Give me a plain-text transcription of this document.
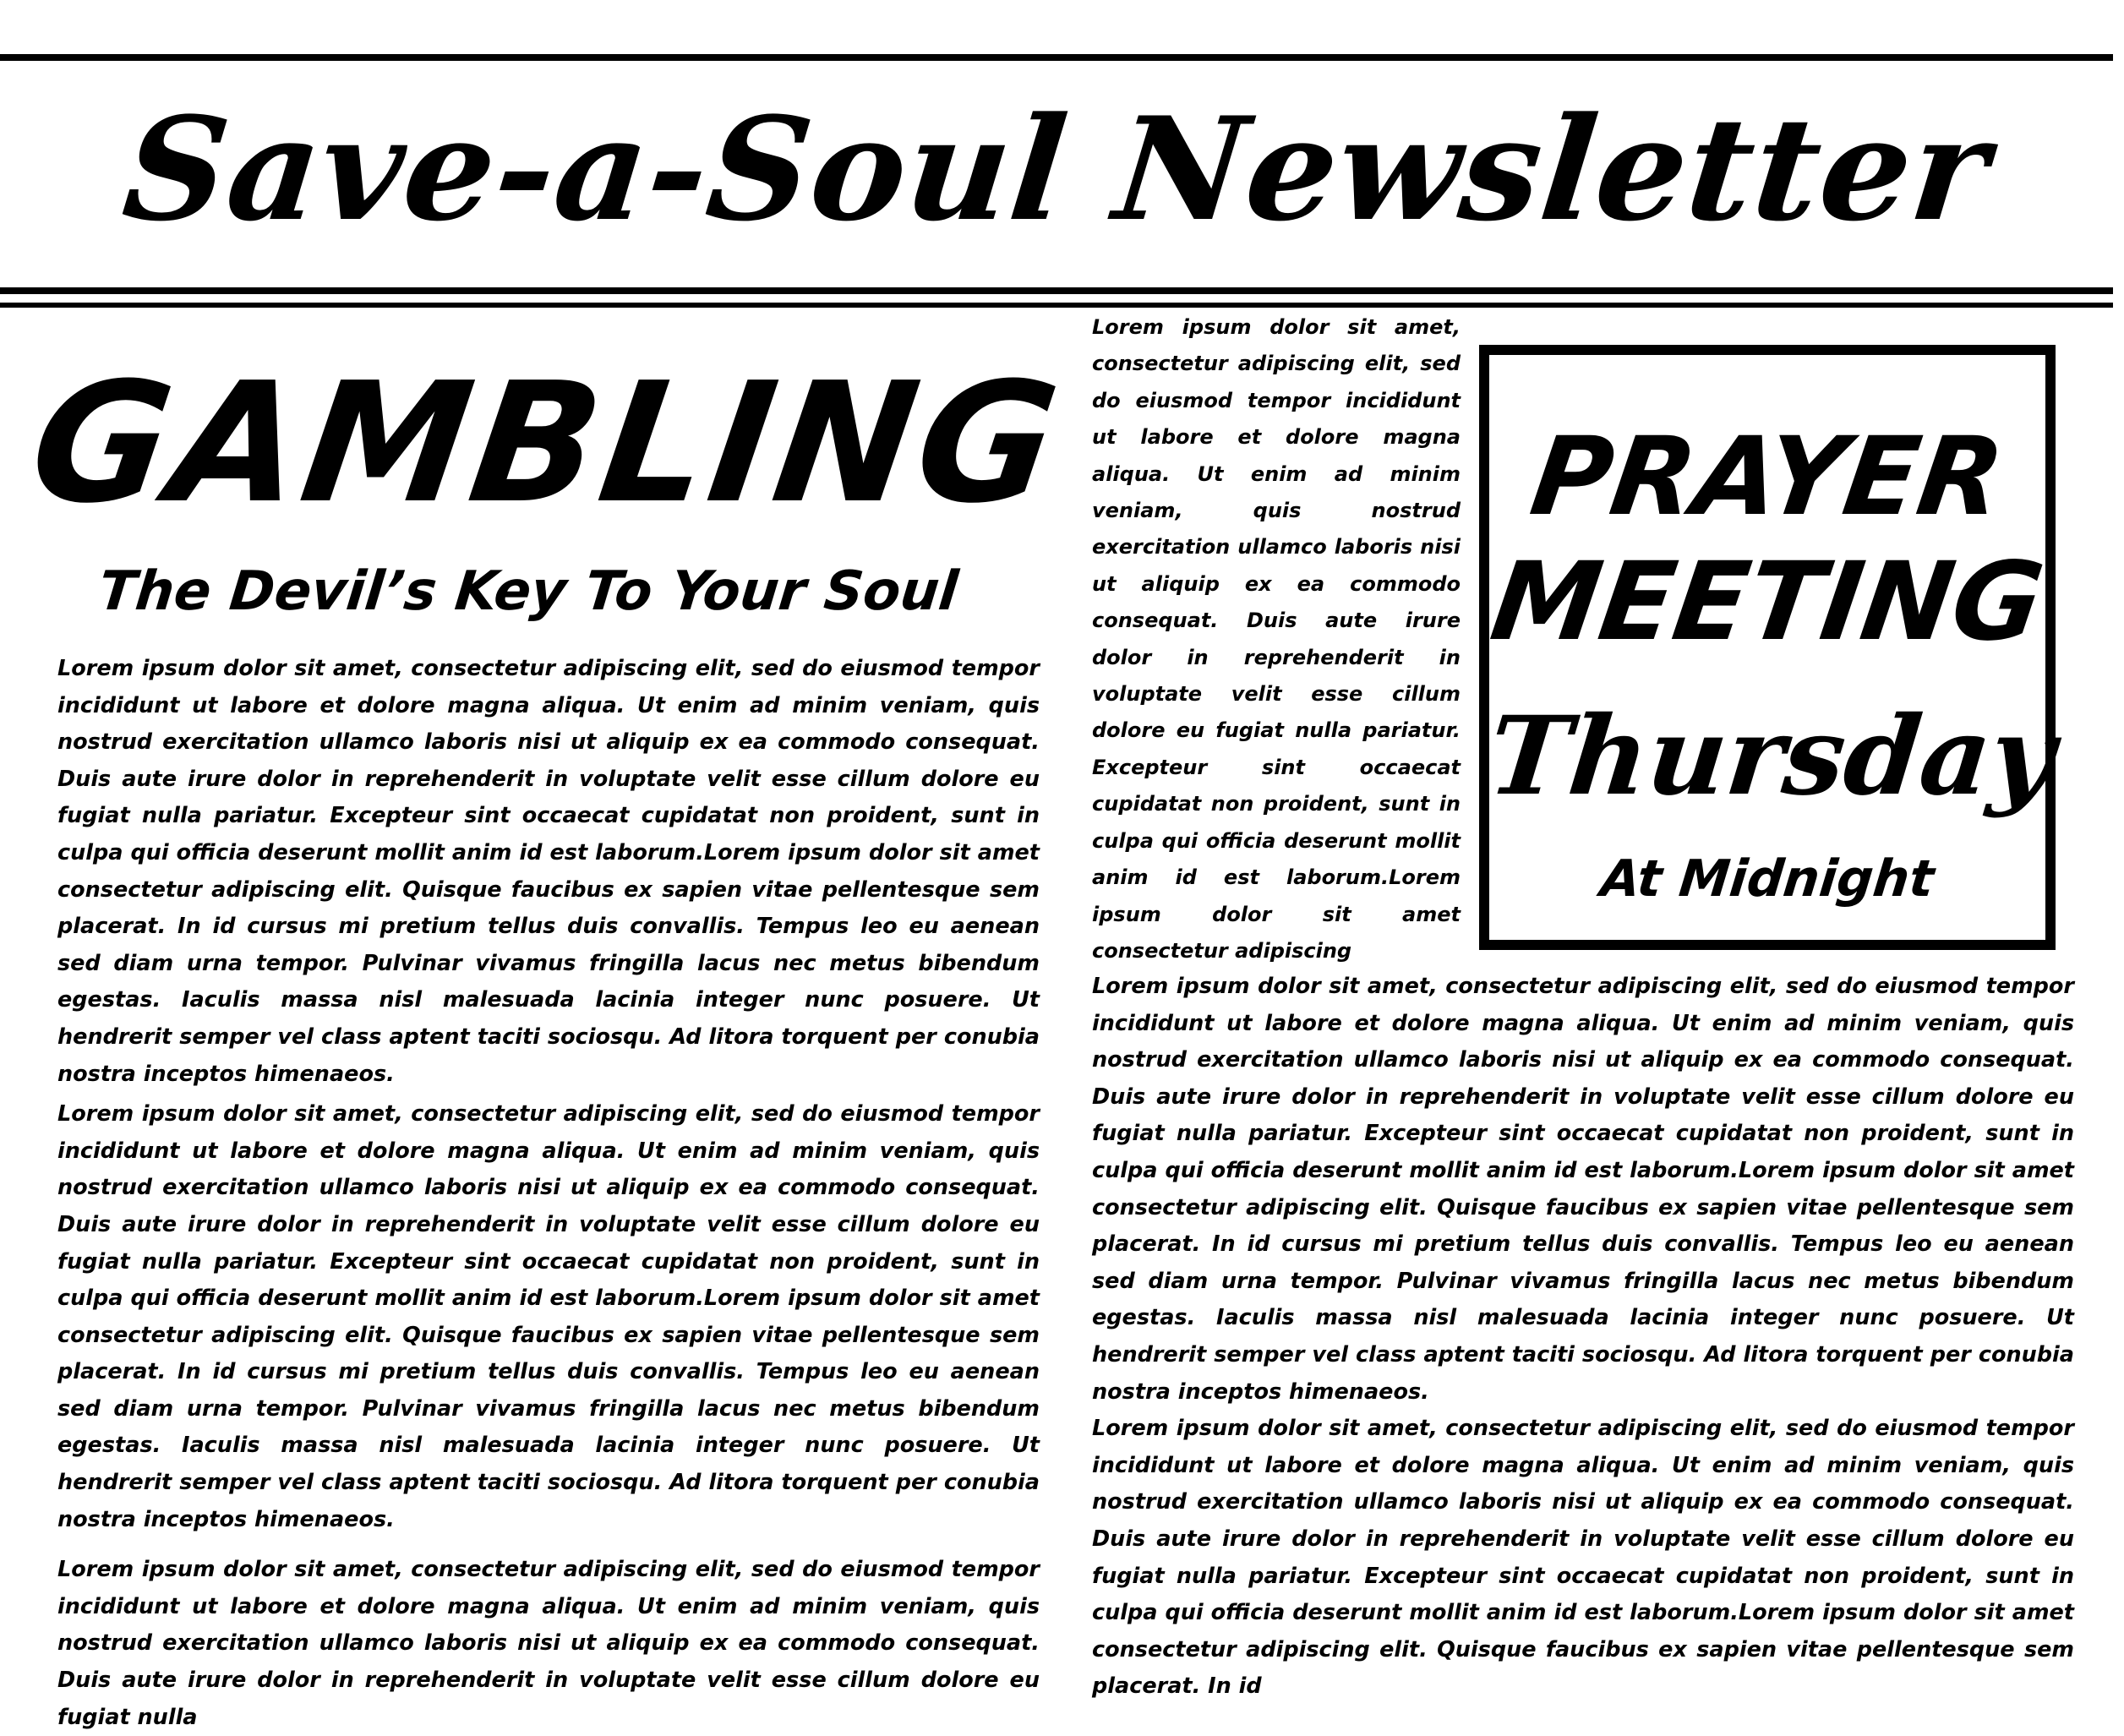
Save-a-Soul Newsletter
GAMBLING
The Devil’s Key To Your Soul

Lorem ipsum dolor sit amet, consectetur adipiscing elit, sed do eiusmod tempor incididunt ut labore et dolore magna aliqua. Ut enim ad minim veniam, quis nostrud exercitation ullamco laboris nisi ut aliquip ex ea commodo consequat. Duis aute irure dolor in reprehenderit in voluptate velit esse cillum dolore eu fugiat nulla pariatur. Excepteur sint occaecat cupidatat non proident, sunt in culpa qui officia deserunt mollit anim id est laborum.Lorem ipsum dolor sit amet consectetur adipiscing elit. Quisque faucibus ex sapien vitae pellentesque sem placerat. In id cursus mi pretium tellus duis convallis. Tempus leo eu aenean sed diam urna tempor. Pulvinar vivamus fringilla lacus nec metus bibendum egestas. Iaculis massa nisl malesuada lacinia integer nunc posuere. Ut hendrerit semper vel class aptent taciti sociosqu. Ad litora torquent per conubia nostra inceptos himenaeos.

Lorem ipsum dolor sit amet, consectetur adipiscing elit, sed do eiusmod tempor incididunt ut labore et dolore magna aliqua. Ut enim ad minim veniam, quis nostrud exercitation ullamco laboris nisi ut aliquip ex ea commodo consequat. Duis aute irure dolor in reprehenderit in voluptate velit esse cillum dolore eu fugiat nulla pariatur. Excepteur sint occaecat cupidatat non proident, sunt in culpa qui officia deserunt mollit anim id est laborum.Lorem ipsum dolor sit amet consectetur adipiscing elit. Quisque faucibus ex sapien vitae pellentesque sem placerat. In id cursus mi pretium tellus duis convallis. Tempus leo eu aenean sed diam urna tempor. Pulvinar vivamus fringilla lacus nec metus bibendum egestas. Iaculis massa nisl malesuada lacinia integer nunc posuere. Ut hendrerit semper vel class aptent taciti sociosqu. Ad litora torquent per conubia nostra inceptos himenaeos.

Lorem ipsum dolor sit amet, consectetur adipiscing elit, sed do eiusmod tempor incididunt ut labore et dolore magna aliqua. Ut enim ad minim veniam, quis nostrud exercitation ullamco laboris nisi ut aliquip ex ea commodo consequat. Duis aute irure dolor in reprehenderit in voluptate velit esse cillum dolore eu fugiat nulla

Lorem ipsum dolor sit amet, consectetur adipiscing elit, sed do eiusmod tempor incididunt ut labore et dolore magna aliqua. Ut enim ad minim veniam, quis nostrud exercitation ullamco laboris nisi ut aliquip ex ea commodo consequat. Duis aute irure dolor in reprehenderit in voluptate velit esse cillum dolore eu fugiat nulla pariatur. Excepteur sint occaecat cupidatat non proident, sunt in culpa qui officia deserunt mollit anim id est laborum.Lorem ipsum dolor sit amet consectetur adipiscing

PRAYER
MEETING
Thursday
At Midnight

Lorem ipsum dolor sit amet, consectetur adipiscing elit, sed do eiusmod tempor incididunt ut labore et dolore magna aliqua. Ut enim ad minim veniam, quis nostrud exercitation ullamco laboris nisi ut aliquip ex ea commodo consequat. Duis aute irure dolor in reprehenderit in voluptate velit esse cillum dolore eu fugiat nulla pariatur. Excepteur sint occaecat cupidatat non proident, sunt in culpa qui officia deserunt mollit anim id est laborum.Lorem ipsum dolor sit amet consectetur adipiscing elit. Quisque faucibus ex sapien vitae pellentesque sem placerat. In id cursus mi pretium tellus duis convallis. Tempus leo eu aenean sed diam urna tempor. Pulvinar vivamus fringilla lacus nec metus bibendum egestas. Iaculis massa nisl malesuada lacinia integer nunc posuere. Ut hendrerit semper vel class aptent taciti sociosqu. Ad litora torquent per conubia nostra inceptos himenaeos.

Lorem ipsum dolor sit amet, consectetur adipiscing elit, sed do eiusmod tempor incididunt ut labore et dolore magna aliqua. Ut enim ad minim veniam, quis nostrud exercitation ullamco laboris nisi ut aliquip ex ea commodo consequat. Duis aute irure dolor in reprehenderit in voluptate velit esse cillum dolore eu fugiat nulla pariatur. Excepteur sint occaecat cupidatat non proident, sunt in culpa qui officia deserunt mollit anim id est laborum.Lorem ipsum dolor sit amet consectetur adipiscing elit. Quisque faucibus ex sapien vitae pellentesque sem placerat. In id
